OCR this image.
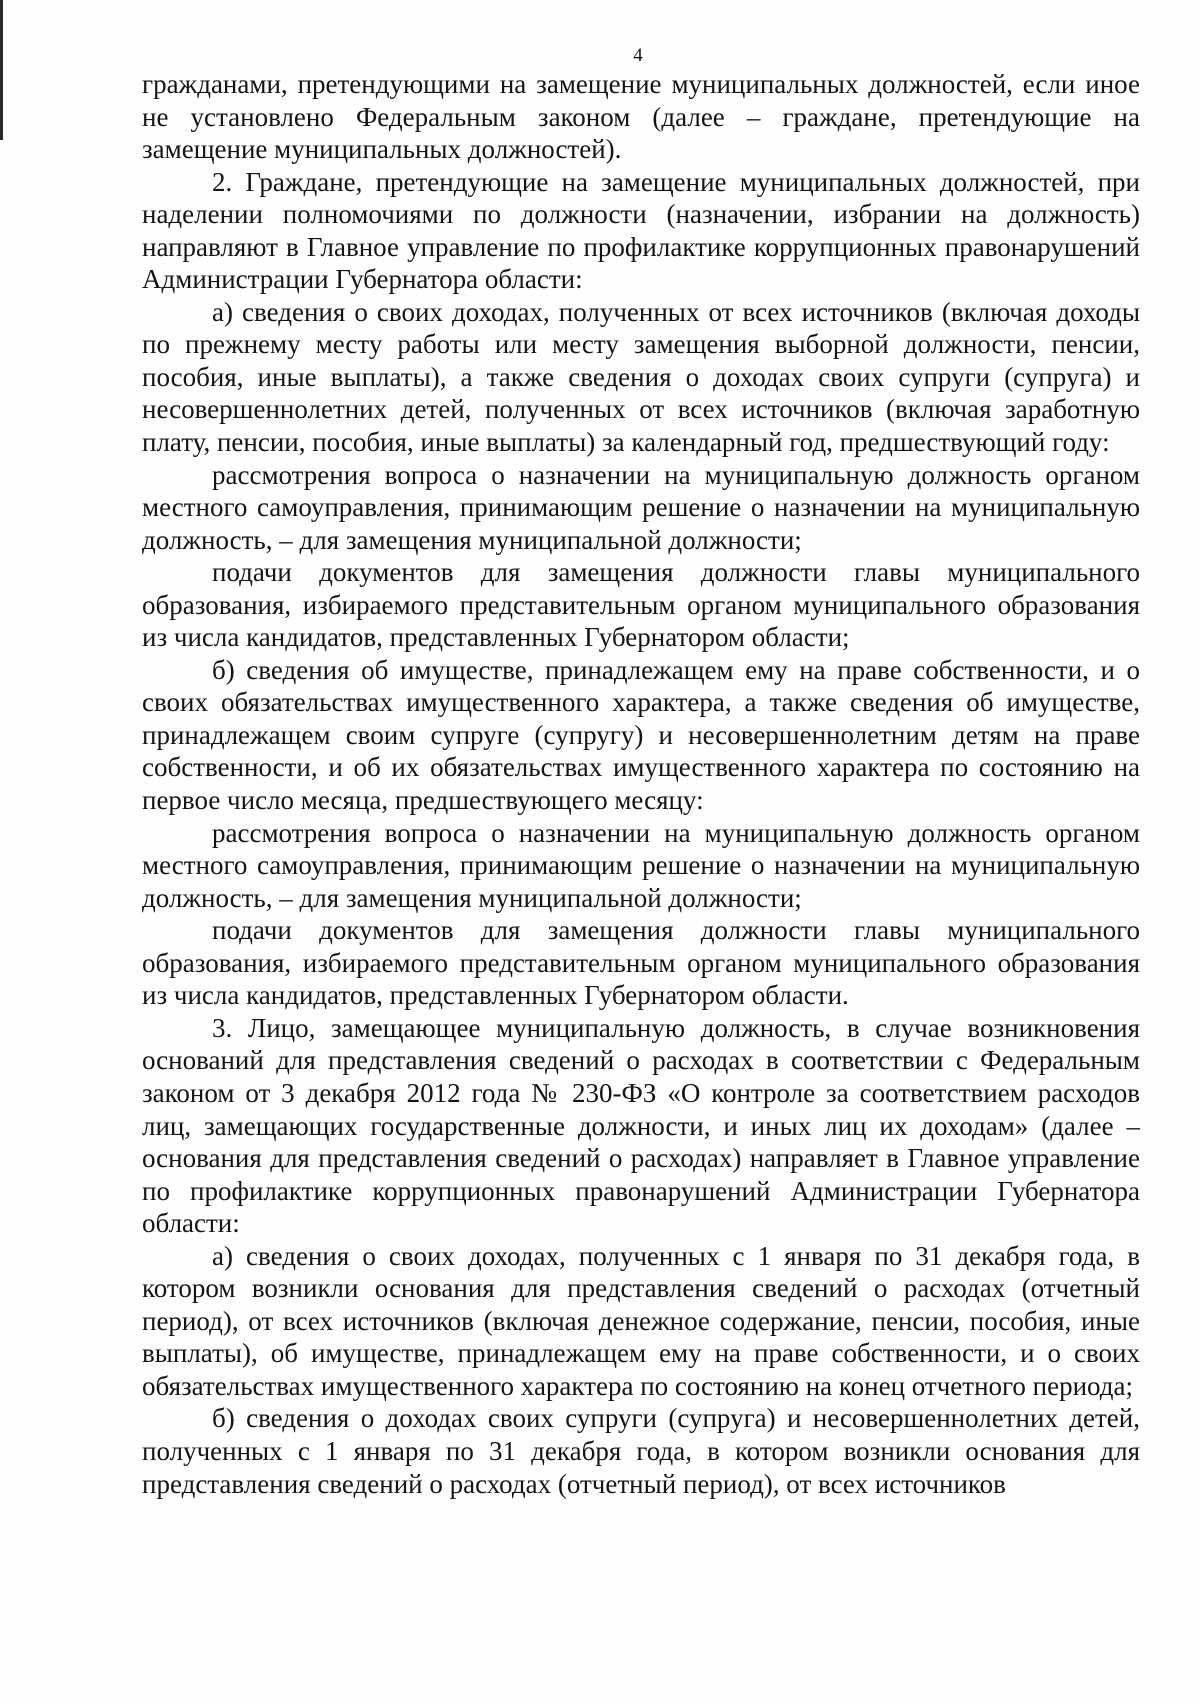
4

гражданами, претендующими на замещение муниципальных должностей, если иное не установлено Федеральным законом (далее – граждане, претендующие на замещение муниципальных должностей).

2. Граждане, претендующие на замещение муниципальных должностей, при наделении полномочиями по должности (назначении, избрании на должность) направляют в Главное управление по профилактике коррупционных правонарушений Администрации Губернатора области:

а) сведения о своих доходах, полученных от всех источников (включая доходы по прежнему месту работы или месту замещения выборной должности, пенсии, пособия, иные выплаты), а также сведения о доходах своих супруги (супруга) и несовершеннолетних детей, полученных от всех источников (включая заработную плату, пенсии, пособия, иные выплаты) за календарный год, предшествующий году:

рассмотрения вопроса о назначении на муниципальную должность органом местного самоуправления, принимающим решение о назначении на муниципальную должность, – для замещения муниципальной должности;

подачи документов для замещения должности главы муниципального образования, избираемого представительным органом муниципального образования из числа кандидатов, представленных Губернатором области;

б) сведения об имуществе, принадлежащем ему на праве собственности, и о своих обязательствах имущественного характера, а также сведения об имуществе, принадлежащем своим супруге (супругу) и несовершеннолетним детям на праве собственности, и об их обязательствах имущественного характера по состоянию на первое число месяца, предшествующего месяцу:

рассмотрения вопроса о назначении на муниципальную должность органом местного самоуправления, принимающим решение о назначении на муниципальную должность, – для замещения муниципальной должности;

подачи документов для замещения должности главы муниципального образования, избираемого представительным органом муниципального образования из числа кандидатов, представленных Губернатором области.

3. Лицо, замещающее муниципальную должность, в случае возникновения оснований для представления сведений о расходах в соответствии с Федеральным законом от 3 декабря 2012 года № 230-ФЗ «О контроле за соответствием расходов лиц, замещающих государственные должности, и иных лиц их доходам» (далее – основания для представления сведений о расходах) направляет в Главное управление по профилактике коррупционных правонарушений Администрации Губернатора области:

а) сведения о своих доходах, полученных с 1 января по 31 декабря года, в котором возникли основания для представления сведений о расходах (отчетный период), от всех источников (включая денежное содержание, пенсии, пособия, иные выплаты), об имуществе, принадлежащем ему на праве собственности, и о своих обязательствах имущественного характера по состоянию на конец отчетного периода;

б) сведения о доходах своих супруги (супруга) и несовершеннолетних детей, полученных с 1 января по 31 декабря года, в котором возникли основания для представления сведений о расходах (отчетный период), от всех источников
